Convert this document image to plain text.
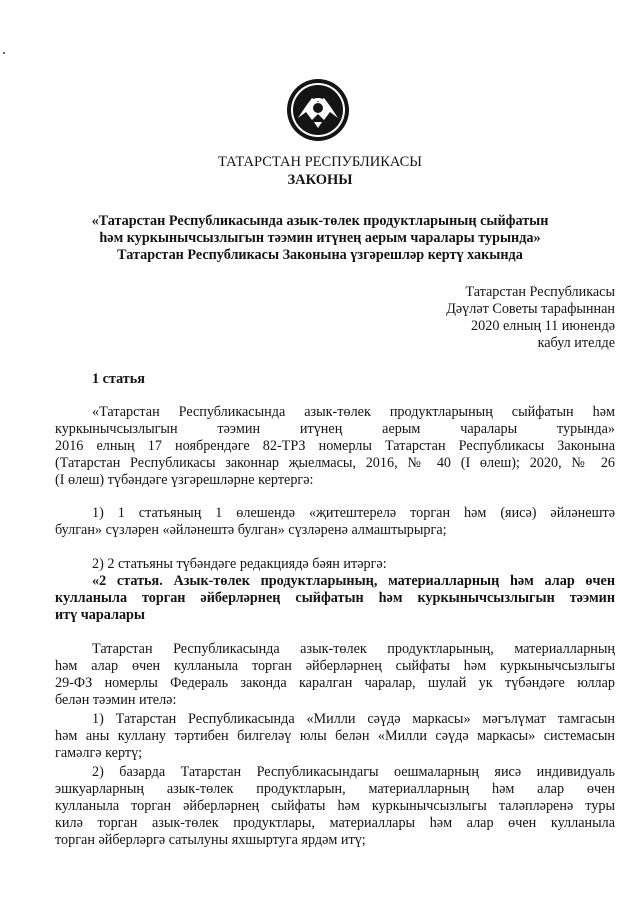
ТАТАРСТАН РЕСПУБЛИКАСЫ
ЗАКОНЫ
«Татарстан Республикасында азык-төлек продуктларының сыйфатын
һәм куркынычсызлыгын тәэмин итүнең аерым чаралары турында»
Татарстан Республикасы Законына үзгәрешләр кертү хакында
Татарстан Республикасы
Дәүләт Советы тарафыннан
2020 елның 11 июнендә
кабул ителде
1 статья
«Татарстан Республикасында азык-төлек продуктларының сыйфатын һәм
куркынычсызлыгын тәэмин итүнең аерым чаралары турында»
2016 елның 17 ноябрендәге 82-ТРЗ номерлы Татарстан Республикасы Законына
(Татарстан Республикасы законнар җыелмасы, 2016, № 40 (I өлеш); 2020, № 26
(I өлеш) түбәндәге үзгәрешләрне кертергә:
1) 1 статьяның 1 өлешендә «җитештерелә торган һәм (яисә) әйләнештә
булган» сүзләрен «әйләнештә булган» сүзләренә алмаштырырга;
2) 2 статьяны түбәндәге редакциядә бәян итәргә:
«2 статья. Азык-төлек продуктларының, материалларның һәм алар өчен
кулланыла торган әйберләрнең сыйфатын һәм куркынычсызлыгын тәэмин
итү чаралары
Татарстан Республикасында азык-төлек продуктларының, материалларның
һәм алар өчен кулланыла торган әйберләрнең сыйфаты һәм куркынычсызлыгы
29-ФЗ номерлы Федераль законда каралган чаралар, шулай ук түбәндәге юллар
белән тәэмин ителә:
1) Татарстан Республикасында «Милли сәүдә маркасы» мәгълүмат тамгасын
һәм аны куллану тәртибен билгеләү юлы белән «Милли сәүдә маркасы» системасын
гамәлгә кертү;
2) базарда Татарстан Республикасындагы оешмаларның яисә индивидуаль
эшкуарларның азык-төлек продуктларын, материалларның һәм алар өчен
кулланыла торган әйберләрнең сыйфаты һәм куркынычсызлыгы таләпләренә туры
килә торган азык-төлек продуктлары, материаллары һәм алар өчен кулланыла
торган әйберләргә сатылуны яхшыртуга ярдәм итү;
